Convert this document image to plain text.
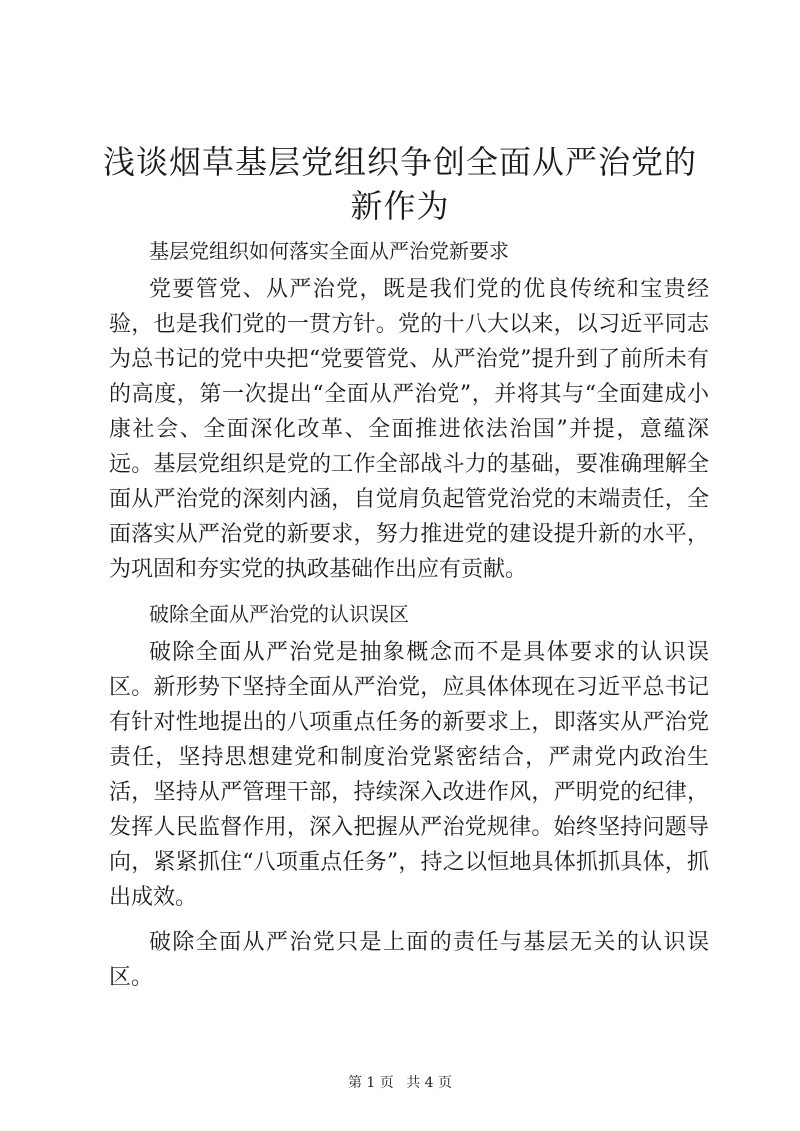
浅谈烟草基层党组织争创全面从严治党的新作为

基层党组织如何落实全面从严治党新要求

党要管党、从严治党，既是我们党的优良传统和宝贵经验，也是我们党的一贯方针。党的十八大以来，以习近平同志为总书记的党中央把“党要管党、从严治党”提升到了前所未有的高度，第一次提出“全面从严治党”，并将其与“全面建成小康社会、全面深化改革、全面推进依法治国”并提，意蕴深远。基层党组织是党的工作全部战斗力的基础，要准确理解全面从严治党的深刻内涵，自觉肩负起管党治党的末端责任，全面落实从严治党的新要求，努力推进党的建设提升新的水平，为巩固和夯实党的执政基础作出应有贡献。

破除全面从严治党的认识误区

破除全面从严治党是抽象概念而不是具体要求的认识误区。新形势下坚持全面从严治党，应具体体现在习近平总书记有针对性地提出的八项重点任务的新要求上，即落实从严治党责任，坚持思想建党和制度治党紧密结合，严肃党内政治生活，坚持从严管理干部，持续深入改进作风，严明党的纪律，发挥人民监督作用，深入把握从严治党规律。始终坚持问题导向，紧紧抓住“八项重点任务”，持之以恒地具体抓抓具体，抓出成效。

破除全面从严治党只是上面的责任与基层无关的认识误区。

第 1 页 共 4 页
